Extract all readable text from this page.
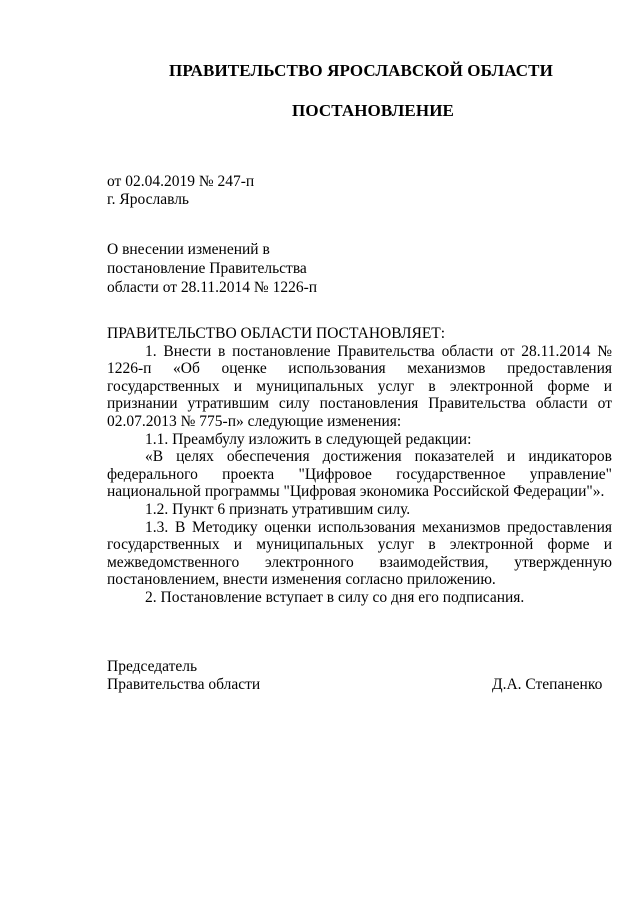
ПРАВИТЕЛЬСТВО ЯРОСЛАВСКОЙ ОБЛАСТИ
ПОСТАНОВЛЕНИЕ
от 02.04.2019 № 247-п
г. Ярославль
О внесении изменений в
постановление Правительства
области от 28.11.2014 № 1226-п

ПРАВИТЕЛЬСТВО ОБЛАСТИ ПОСТАНОВЛЯЕТ:

1. Внести в постановление Правительства области от 28.11.2014 № 1226-п «Об оценке использования механизмов предоставления государственных и муниципальных услуг в электронной форме и признании утратившим силу постановления Правительства области от 02.07.2013 № 775-п» следующие изменения:

1.1. Преамбулу изложить в следующей редакции:

«В целях обеспечения достижения показателей и индикаторов федерального проекта "Цифровое государственное управление" национальной программы "Цифровая экономика Российской Федерации"».

1.2. Пункт 6 признать утратившим силу.

1.3. В Методику оценки использования механизмов предоставления государственных и муниципальных услуг в электронной форме и межведомственного электронного взаимодействия, утвержденную постановлением, внести изменения согласно приложению.

2. Постановление вступает в силу со дня его подписания.

Председатель
Правительства области	Д.А. Степаненко
